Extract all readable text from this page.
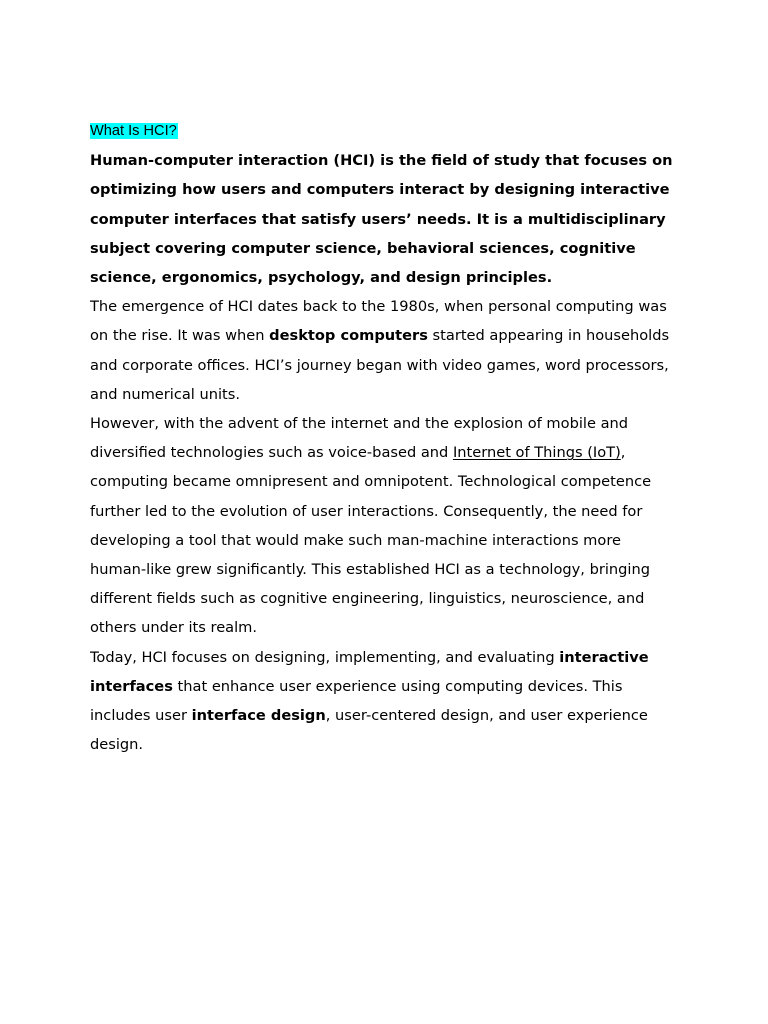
What Is HCI?

Human-computer interaction (HCI) is the field of study that focuses on optimizing how users and computers interact by designing interactive computer interfaces that satisfy users’ needs. It is a multidisciplinary subject covering computer science, behavioral sciences, cognitive science, ergonomics, psychology, and design principles.

The emergence of HCI dates back to the 1980s, when personal computing was on the rise. It was when desktop computers started appearing in households and corporate offices. HCI’s journey began with video games, word processors, and numerical units.

However, with the advent of the internet and the explosion of mobile and diversified technologies such as voice-based and Internet of Things (IoT), computing became omnipresent and omnipotent. Technological competence further led to the evolution of user interactions. Consequently, the need for developing a tool that would make such man-machine interactions more human-like grew significantly. This established HCI as a technology, bringing different fields such as cognitive engineering, linguistics, neuroscience, and others under its realm.

Today, HCI focuses on designing, implementing, and evaluating interactive interfaces that enhance user experience using computing devices. This includes user interface design, user-centered design, and user experience design.
